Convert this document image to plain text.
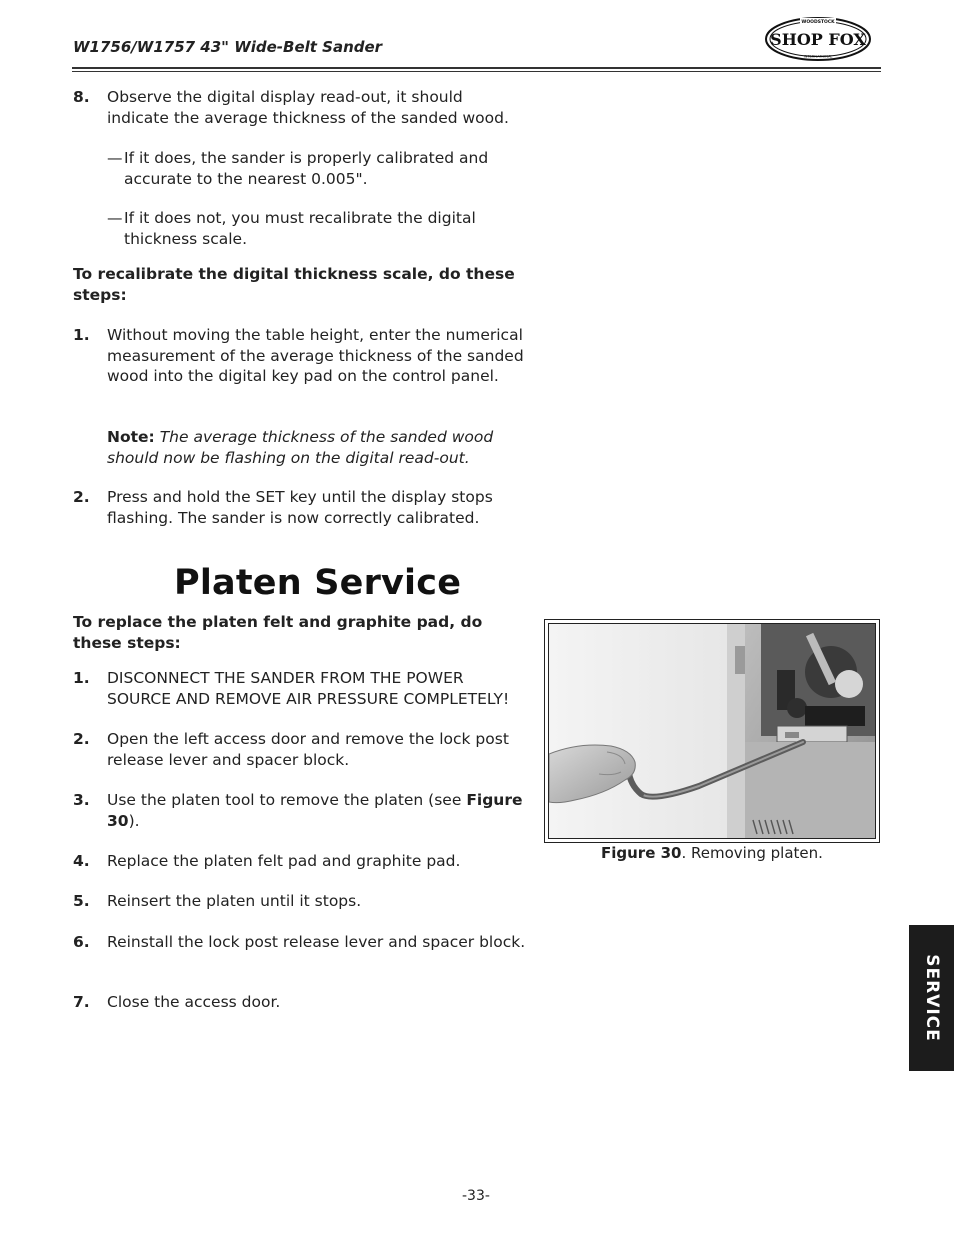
W1756/W1757 43" Wide-Belt Sander
WOODSTOCK
SHOP FOX
INTERNATIONAL
8.	Observe the digital display read-out, it should indicate the average thickness of the sanded wood.
— If it does, the sander is properly calibrated and accurate to the nearest 0.005".
— If it does not, you must recalibrate the digital thickness scale.
To recalibrate the digital thickness scale, do these steps:
1.	Without moving the table height, enter the numerical measurement of the average thickness of the sanded wood into the digital key pad on the control panel.
Note: The average thickness of the sanded wood should now be flashing on the digital read-out.
2.	Press and hold the SET key until the display stops flashing. The sander is now correctly calibrated.
Platen Service
To replace the platen felt and graphite pad, do these steps:
1.	DISCONNECT THE SANDER FROM THE POWER SOURCE AND REMOVE AIR PRESSURE COMPLETELY!
2.	Open the left access door and remove the lock post release lever and spacer block.
3.	Use the platen tool to remove the platen (see Figure 30).
4.	Replace the platen felt pad and graphite pad.
5.	Reinsert the platen until it stops.
6.	Reinstall the lock post release lever and spacer block.
7.	Close the access door.
Figure 30. Removing platen.
SERVICE
-33-
